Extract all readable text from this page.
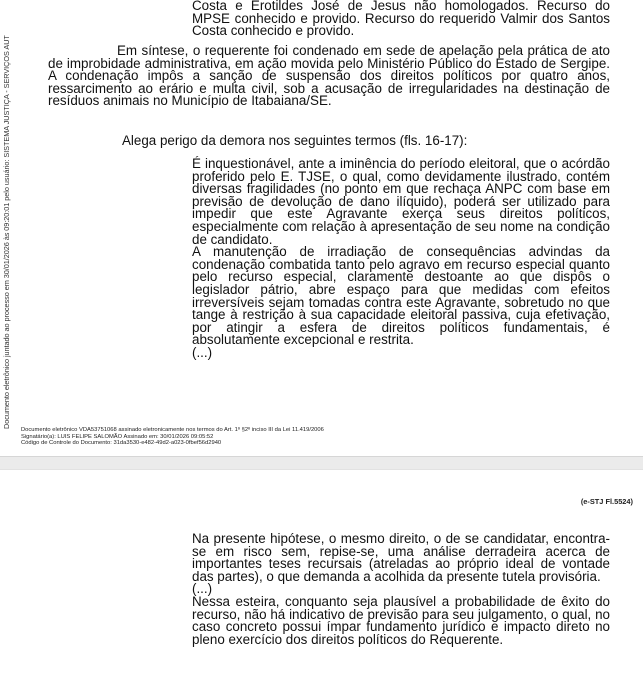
Documento eletrônico juntado ao processo em 30/01/2026 às 09:20:01 pelo usuário: SISTEMA JUSTIÇA - SERVIÇOS AUT

Costa e Erotildes José de Jesus não homologados. Recurso do MPSE conhecido e provido. Recurso do requerido Valmir dos Santos Costa conhecido e provido.

Em síntese, o requerente foi condenado em sede de apelação pela prática de ato de improbidade administrativa, em ação movida pelo Ministério Público do Estado de Sergipe. A condenação impôs a sanção de suspensão dos direitos políticos por quatro anos, ressarcimento ao erário e multa civil, sob a acusação de irregularidades na destinação de resíduos animais no Município de Itabaiana/SE.

Alega perigo da demora nos seguintes termos (fls. 16-17):

É inquestionável, ante a iminência do período eleitoral, que o acórdão proferido pelo E. TJSE, o qual, como devidamente ilustrado, contém diversas fragilidades (no ponto em que rechaça ANPC com base em previsão de devolução de dano ilíquido), poderá ser utilizado para impedir que este Agravante exerça seus direitos políticos, especialmente com relação à apresentação de seu nome na condição de candidato.

A manutenção de irradiação de consequências advindas da condenação combatida tanto pelo agravo em recurso especial quanto pelo recurso especial, claramente destoante ao que dispôs o legislador pátrio, abre espaço para que medidas com efeitos irreversíveis sejam tomadas contra este Agravante, sobretudo no que tange à restrição à sua capacidade eleitoral passiva, cuja efetivação, por atingir a esfera de direitos políticos fundamentais, é absolutamente excepcional e restrita.

(...)

Documento eletrônico VDA53751068 assinado eletronicamente nos termos do Art. 1º §2º inciso III da Lei 11.419/2006
Signatário(a): LUIS FELIPE SALOMÃO Assinado em: 30/01/2026 09:05:52
Código de Controle do Documento: 31da3530-e482-49d2-a023-0fbef56d2940
(e-STJ Fl.5524)

Na presente hipótese, o mesmo direito, o de se candidatar, encontra-se em risco sem, repise-se, uma análise derradeira acerca de importantes teses recursais (atreladas ao próprio ideal de vontade das partes), o que demanda a acolhida da presente tutela provisória.

(...)

Nessa esteira, conquanto seja plausível a probabilidade de êxito do recurso, não há indicativo de previsão para seu julgamento, o qual, no caso concreto possui ímpar fundamento jurídico e impacto direto no pleno exercício dos direitos políticos do Requerente.
